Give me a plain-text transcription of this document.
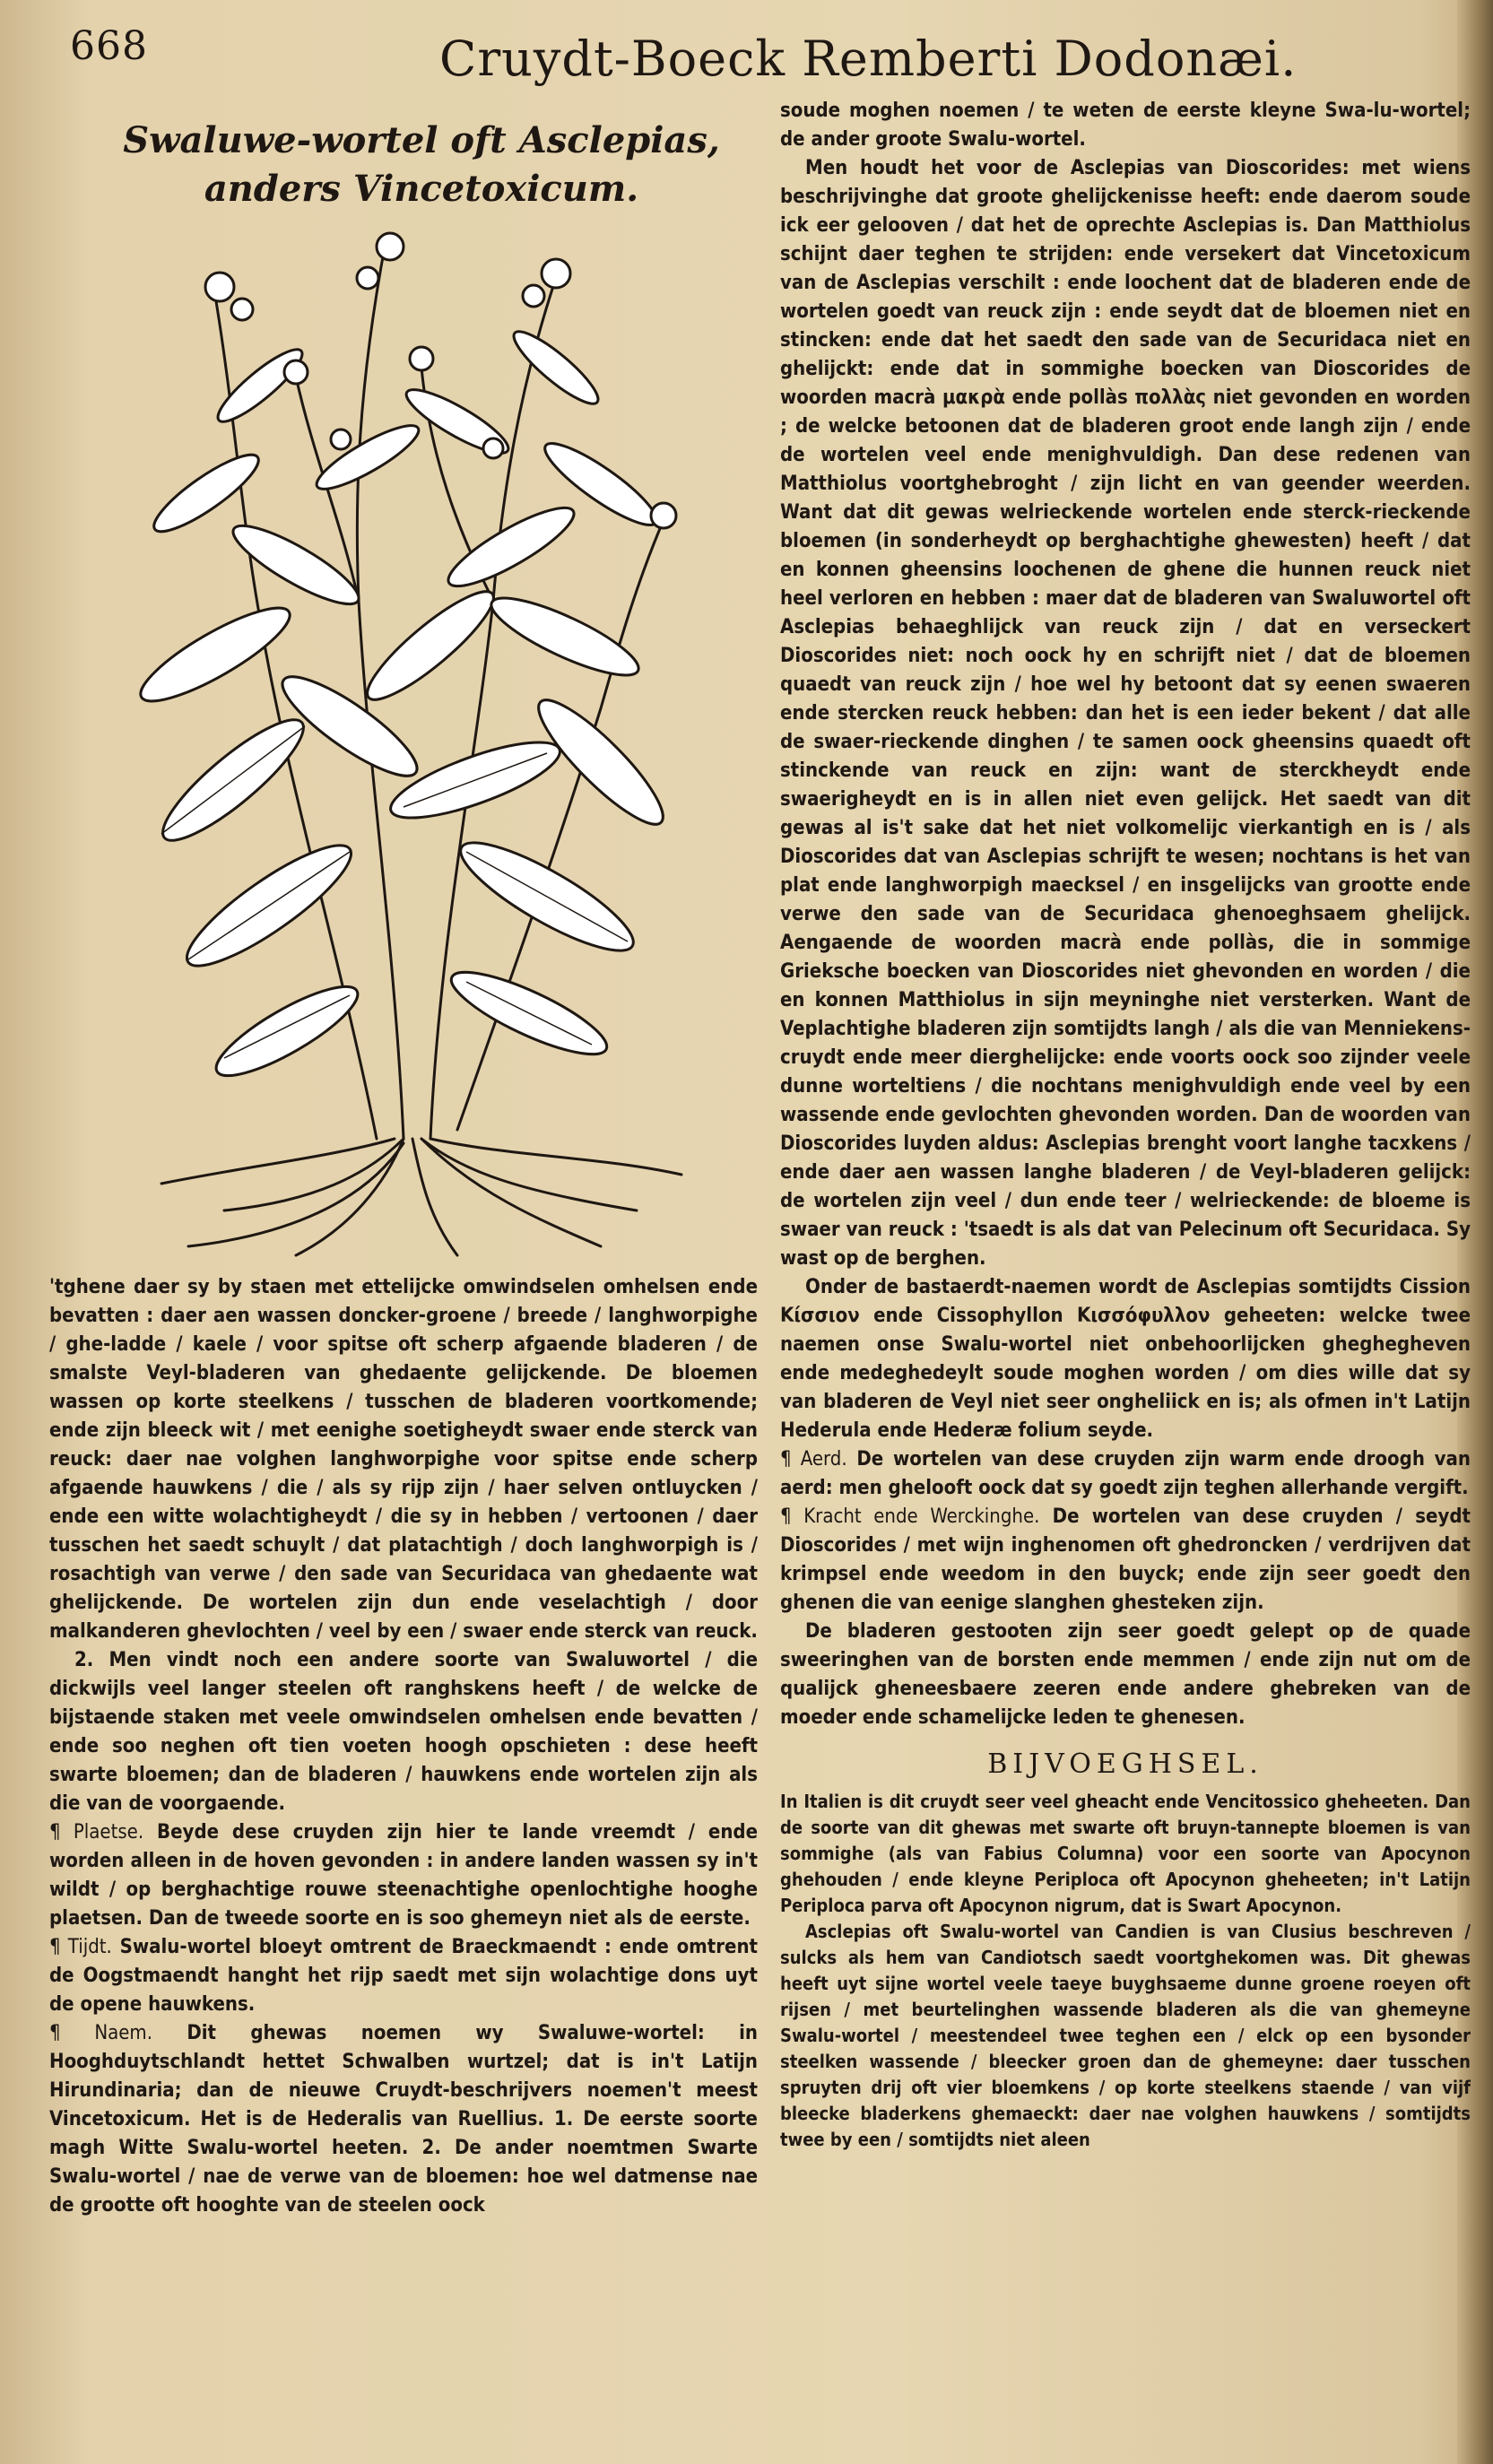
668	Cruydt-Boeck Remberti Dodonæi.
Swaluwe-wortel oft Asclepias,
anders Vincetoxicum.

soude moghen noemen / te weten de eerste kleyne Swa-lu-wortel; de ander groote Swalu-wortel.

Men houdt het voor de Asclepias van Dioscorides: met wiens beschrijvinghe dat groote ghelijckenisse heeft: ende daerom soude ick eer gelooven / dat het de oprechte Asclepias is. Dan Matthiolus schijnt daer teghen te strijden: ende versekert dat Vincetoxicum van de Asclepias verschilt : ende loochent dat de bladeren ende de wortelen goedt van reuck zijn : ende seydt dat de bloemen niet en stincken: ende dat het saedt den sade van de Securidaca niet en ghelijckt: ende dat in sommighe boecken van Dioscorides de woorden macrà μακρὰ ende pollàs πολλὰς niet gevonden en worden ; de welcke betoonen dat de bladeren groot ende langh zijn / ende de wortelen veel ende menighvuldigh. Dan dese redenen van Matthiolus voortghebroght / zijn licht en van geender weerden. Want dat dit gewas welrieckende wortelen ende sterck-rieckende bloemen (in sonderheydt op berghachtighe ghewesten) heeft / dat en konnen gheensins loochenen de ghene die hunnen reuck niet heel verloren en hebben : maer dat de bladeren van Swaluwortel oft Asclepias behaeghlijck van reuck zijn / dat en verseckert Dioscorides niet: noch oock hy en schrijft niet / dat de bloemen quaedt van reuck zijn / hoe wel hy betoont dat sy eenen swaeren ende stercken reuck hebben: dan het is een ieder bekent / dat alle de swaer-rieckende dinghen / te samen oock gheensins quaedt oft stinckende van reuck en zijn: want de sterckheydt ende swaerigheydt en is in allen niet even gelijck. Het saedt van dit gewas al is't sake dat het niet volkomelijc vierkantigh en is / als Dioscorides dat van Asclepias schrijft te wesen; nochtans is het van plat ende langhworpigh maecksel / en insgelijcks van grootte ende verwe den sade van de Securidaca ghenoeghsaem ghelijck. Aengaende de woorden macrà ende pollàs, die in sommige Grieksche boecken van Dioscorides niet ghevonden en worden / die en konnen Matthiolus in sijn meyninghe niet versterken. Want de Veplachtighe bladeren zijn somtijdts langh / als die van Menniekens-cruydt ende meer dierghelijcke: ende voorts oock soo zijnder veele dunne worteltiens / die nochtans menighvuldigh ende veel by een wassende ende gevlochten ghevonden worden. Dan de woorden van Dioscorides luyden aldus: Asclepias brenght voort langhe tacxkens / ende daer aen wassen langhe bladeren / de Veyl-bladeren gelijck: de wortelen zijn veel / dun ende teer / welrieckende: de bloeme is swaer van reuck : 'tsaedt is als dat van Pelecinum oft Securidaca. Sy wast op de berghen.

Onder de bastaerdt-naemen wordt de Asclepias somtijdts Cission Κίσσιον ende Cissophyllon Κισσόφυλλον geheeten: welcke twee naemen onse Swalu-wortel niet onbehoorlijcken gheghegheven ende medeghedeylt soude moghen worden / om dies wille dat sy van bladeren de Veyl niet seer ongheliick en is; als ofmen in't Latijn Hederula ende Hederæ folium seyde.

¶ Aerd. De wortelen van dese cruyden zijn warm ende droogh van aerd: men ghelooft oock dat sy goedt zijn teghen allerhande vergift.

¶ Kracht ende Werckinghe. De wortelen van dese cruyden / seydt Dioscorides / met wijn inghenomen oft ghedroncken / verdrijven dat krimpsel ende weedom in den buyck; ende zijn seer goedt den ghenen die van eenige slanghen ghesteken zijn.

De bladeren gestooten zijn seer goedt gelept op de quade sweeringhen van de borsten ende memmen / ende zijn nut om de qualijck gheneesbaere zeeren ende andere ghebreken van de moeder ende schamelijcke leden te ghenesen.

BIJVOEGHSEL.

In Italien is dit cruydt seer veel gheacht ende Vencitossico gheheeten. Dan de soorte van dit ghewas met swarte oft bruyn-tannepte bloemen is van sommighe (als van Fabius Columna) voor een soorte van Apocynon ghehouden / ende kleyne Periploca oft Apocynon gheheeten; in't Latijn Periploca parva oft Apocynon nigrum, dat is Swart Apocynon.

Asclepias oft Swalu-wortel van Candien is van Clusius beschreven / sulcks als hem van Candiotsch saedt voortghekomen was. Dit ghewas heeft uyt sijne wortel veele taeye buyghsaeme dunne groene roeyen oft rijsen / met beurtelinghen wassende bladeren als die van ghemeyne Swalu-wortel / meestendeel twee teghen een / elck op een bysonder steelken wassende / bleecker groen dan de ghemeyne: daer tusschen spruyten drij oft vier bloemkens / op korte steelkens staende / van vijf bleecke bladerkens ghemaeckt: daer nae volghen hauwkens / somtijdts twee by een / somtijdts niet aleen

'tghene daer sy by staen met ettelijcke omwindselen omhelsen ende bevatten : daer aen wassen doncker-groene / breede / langhworpighe / ghe-ladde / kaele / voor spitse oft scherp afgaende bladeren / de smalste Veyl-bladeren van ghedaente gelijckende. De bloemen wassen op korte steelkens / tusschen de bladeren voortkomende; ende zijn bleeck wit / met eenighe soetigheydt swaer ende sterck van reuck: daer nae volghen langhworpighe voor spitse ende scherp afgaende hauwkens / die / als sy rijp zijn / haer selven ontluycken / ende een witte wolachtigheydt / die sy in hebben / vertoonen / daer tusschen het saedt schuylt / dat platachtigh / doch langhworpigh is / rosachtigh van verwe / den sade van Securidaca van ghedaente wat ghelijckende. De wortelen zijn dun ende veselachtigh / door malkanderen ghevlochten / veel by een / swaer ende sterck van reuck.

2. Men vindt noch een andere soorte van Swaluwortel / die dickwijls veel langer steelen oft ranghskens heeft / de welcke de bijstaende staken met veele omwindselen omhelsen ende bevatten / ende soo neghen oft tien voeten hoogh opschieten : dese heeft swarte bloemen; dan de bladeren / hauwkens ende wortelen zijn als die van de voorgaende.

¶ Plaetse. Beyde dese cruyden zijn hier te lande vreemdt / ende worden alleen in de hoven gevonden : in andere landen wassen sy in't wildt / op berghachtige rouwe steenachtighe openlochtighe hooghe plaetsen. Dan de tweede soorte en is soo ghemeyn niet als de eerste.

¶ Tijdt. Swalu-wortel bloeyt omtrent de Braeckmaendt : ende omtrent de Oogstmaendt hanght het rijp saedt met sijn wolachtige dons uyt de opene hauwkens.

¶ Naem. Dit ghewas noemen wy Swaluwe-wortel: in Hooghduytschlandt hettet Schwalben wurtzel; dat is in't Latijn Hirundinaria; dan de nieuwe Cruydt-beschrijvers noemen't meest Vincetoxicum. Het is de Hederalis van Ruellius. 1. De eerste soorte magh Witte Swalu-wortel heeten. 2. De ander noemtmen Swarte Swalu-wortel / nae de verwe van de bloemen: hoe wel datmense nae de grootte oft hooghte van de steelen oock
